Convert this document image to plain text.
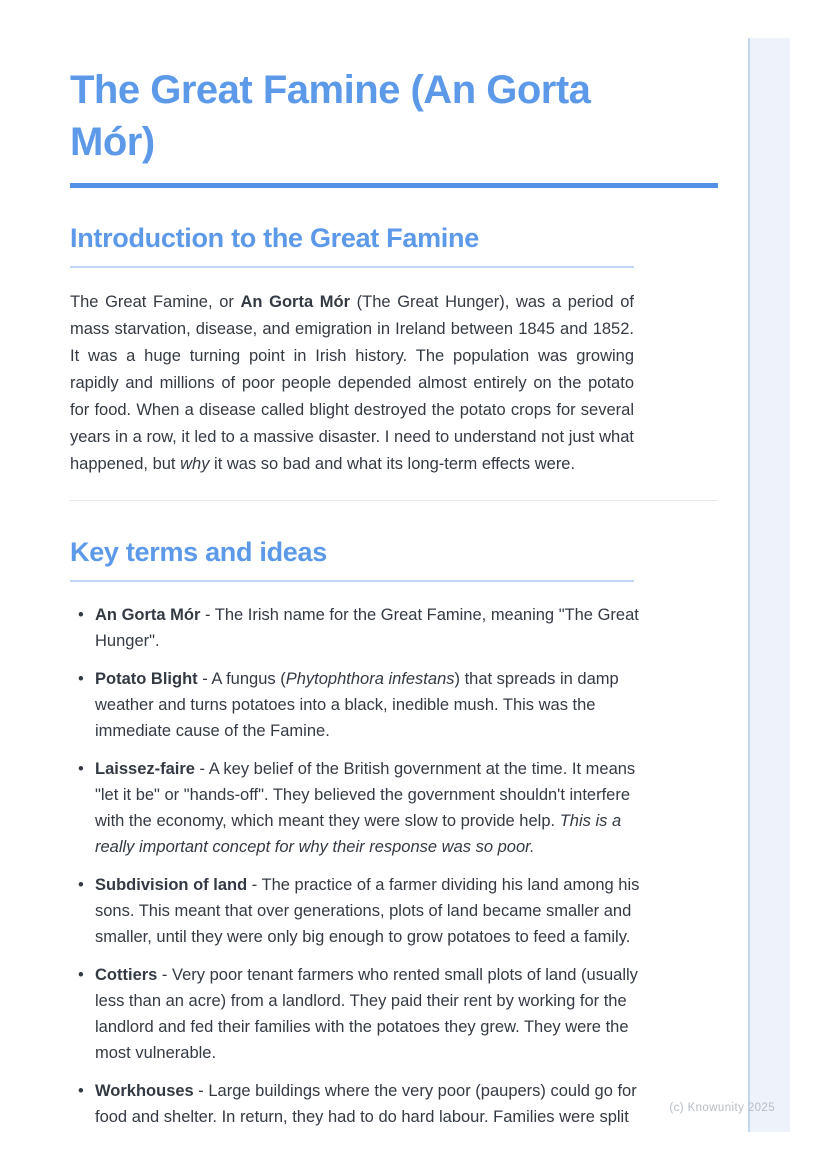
The Great Famine (An Gorta
Mór)
Introduction to the Great Famine

The Great Famine, or An Gorta Mór (The Great Hunger), was a period of mass starvation, disease, and emigration in Ireland between 1845 and 1852. It was a huge turning point in Irish history. The population was growing rapidly and millions of poor people depended almost entirely on the potato for food. When a disease called blight destroyed the potato crops for several years in a row, it led to a massive disaster. I need to understand not just what happened, but why it was so bad and what its long-term effects were.

Key terms and ideas
• An Gorta Mór - The Irish name for the Great Famine, meaning "The Great Hunger".
• Potato Blight - A fungus (Phytophthora infestans) that spreads in damp weather and turns potatoes into a black, inedible mush. This was the immediate cause of the Famine.
• Laissez-faire - A key belief of the British government at the time. It means "let it be" or "hands-off". They believed the government shouldn't interfere with the economy, which meant they were slow to provide help. This is a really important concept for why their response was so poor.
• Subdivision of land - The practice of a farmer dividing his land among his sons. This meant that over generations, plots of land became smaller and smaller, until they were only big enough to grow potatoes to feed a family.
• Cottiers - Very poor tenant farmers who rented small plots of land (usually less than an acre) from a landlord. They paid their rent by working for the landlord and fed their families with the potatoes they grew. They were the most vulnerable.
• Workhouses - Large buildings where the very poor (paupers) could go for food and shelter. In return, they had to do hard labour. Families were split	(c) Knowunity 2025
